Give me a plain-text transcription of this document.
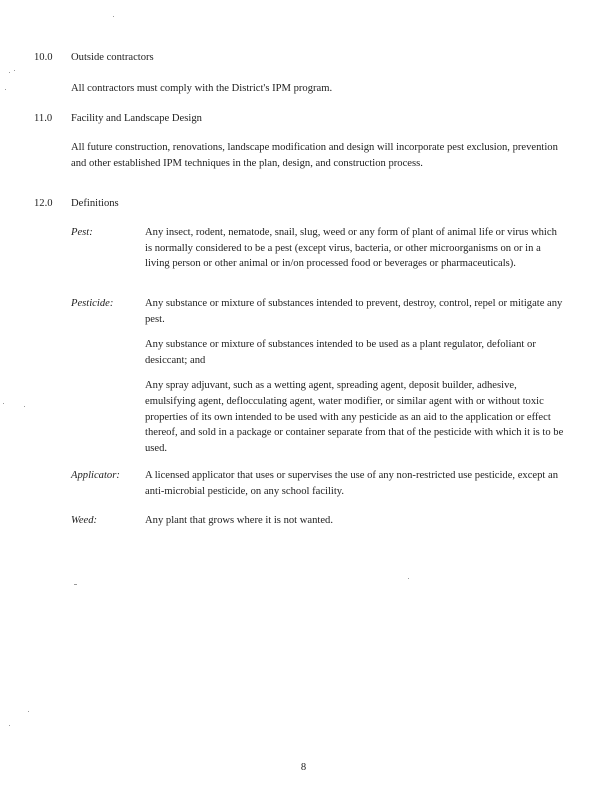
10.0 Outside contractors
All contractors must comply with the District's IPM program.
11.0 Facility and Landscape Design
All future construction, renovations, landscape modification and design will incorporate pest exclusion, prevention and other established IPM techniques in the plan, design, and construction process.
12.0 Definitions
Pest:	Any insect, rodent, nematode, snail, slug, weed or any form of plant of animal life or virus which is normally considered to be a pest (except virus, bacteria, or other microorganisms on or in a living person or other animal or in/on processed food or beverages or pharmaceuticals).

Pesticide:	Any substance or mixture of substances intended to prevent, destroy, control, repel or mitigate any pest.

Any substance or mixture of substances intended to be used as a plant regulator, defoliant or desiccant; and

Any spray adjuvant, such as a wetting agent, spreading agent, deposit builder, adhesive, emulsifying agent, deflocculating agent, water modifier, or similar agent with or without toxic properties of its own intended to be used with any pesticide as an aid to the application or effect thereof, and sold in a package or container separate from that of the pesticide with which it is to be used.

Applicator: A licensed applicator that uses or supervises the use of any non-restricted use pesticide, except an anti-microbial pesticide, on any school facility.

Weed:	Any plant that grows where it is not wanted.

8
